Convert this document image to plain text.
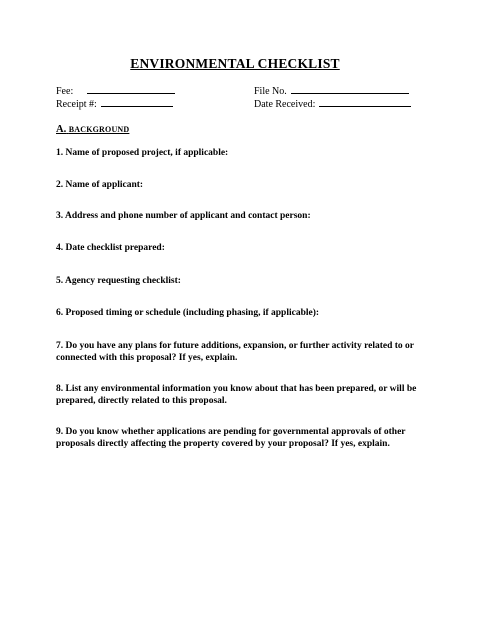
ENVIRONMENTAL CHECKLIST
Fee:	File No.
Receipt #:	Date Received:
A. BACKGROUND
1. Name of proposed project, if applicable:
2. Name of applicant:
3. Address and phone number of applicant and contact person:
4. Date checklist prepared:
5. Agency requesting checklist:
6. Proposed timing or schedule (including phasing, if applicable):
7. Do you have any plans for future additions, expansion, or further activity related to or connected with this proposal? If yes, explain.
8. List any environmental information you know about that has been prepared, or will be prepared, directly related to this proposal.
9. Do you know whether applications are pending for governmental approvals of other proposals directly affecting the property covered by your proposal? If yes, explain.
